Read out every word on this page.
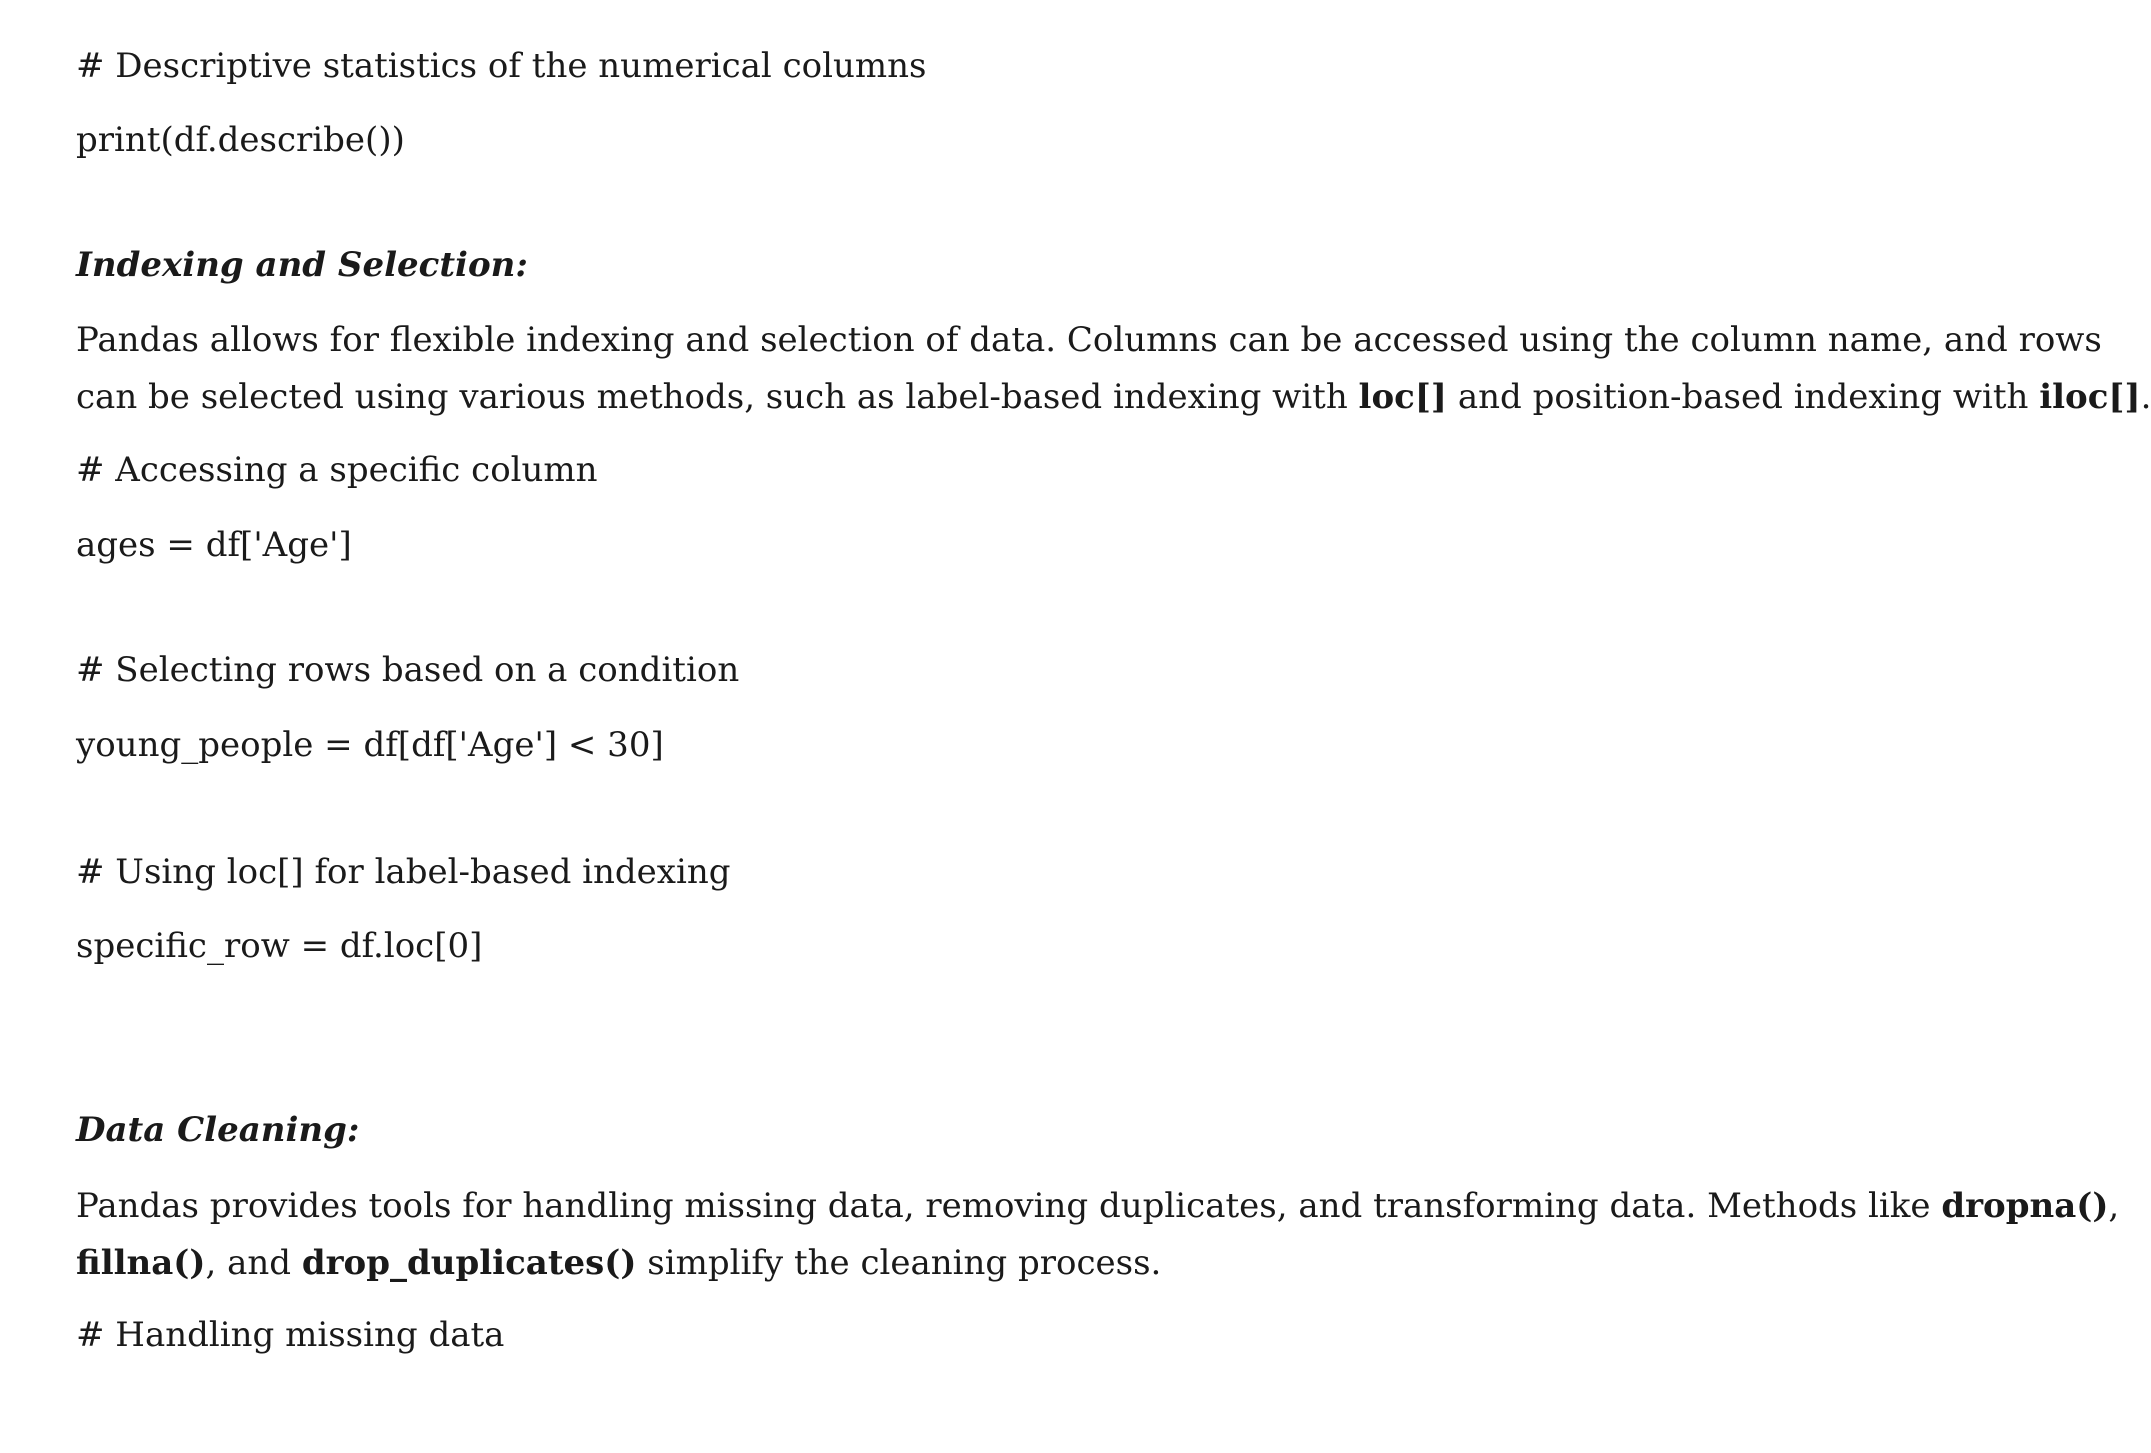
# Descriptive statistics of the numerical columns
print(df.describe())
Indexing and Selection:
Pandas allows for flexible indexing and selection of data. Columns can be accessed using the column name, and rows
can be selected using various methods, such as label-based indexing with loc[] and position-based indexing with iloc[].
# Accessing a specific column
ages = df['Age']
# Selecting rows based on a condition
young_people = df[df['Age'] < 30]
# Using loc[] for label-based indexing
specific_row = df.loc[0]
Data Cleaning:
Pandas provides tools for handling missing data, removing duplicates, and transforming data. Methods like dropna(),
fillna(), and drop_duplicates() simplify the cleaning process.
# Handling missing data
